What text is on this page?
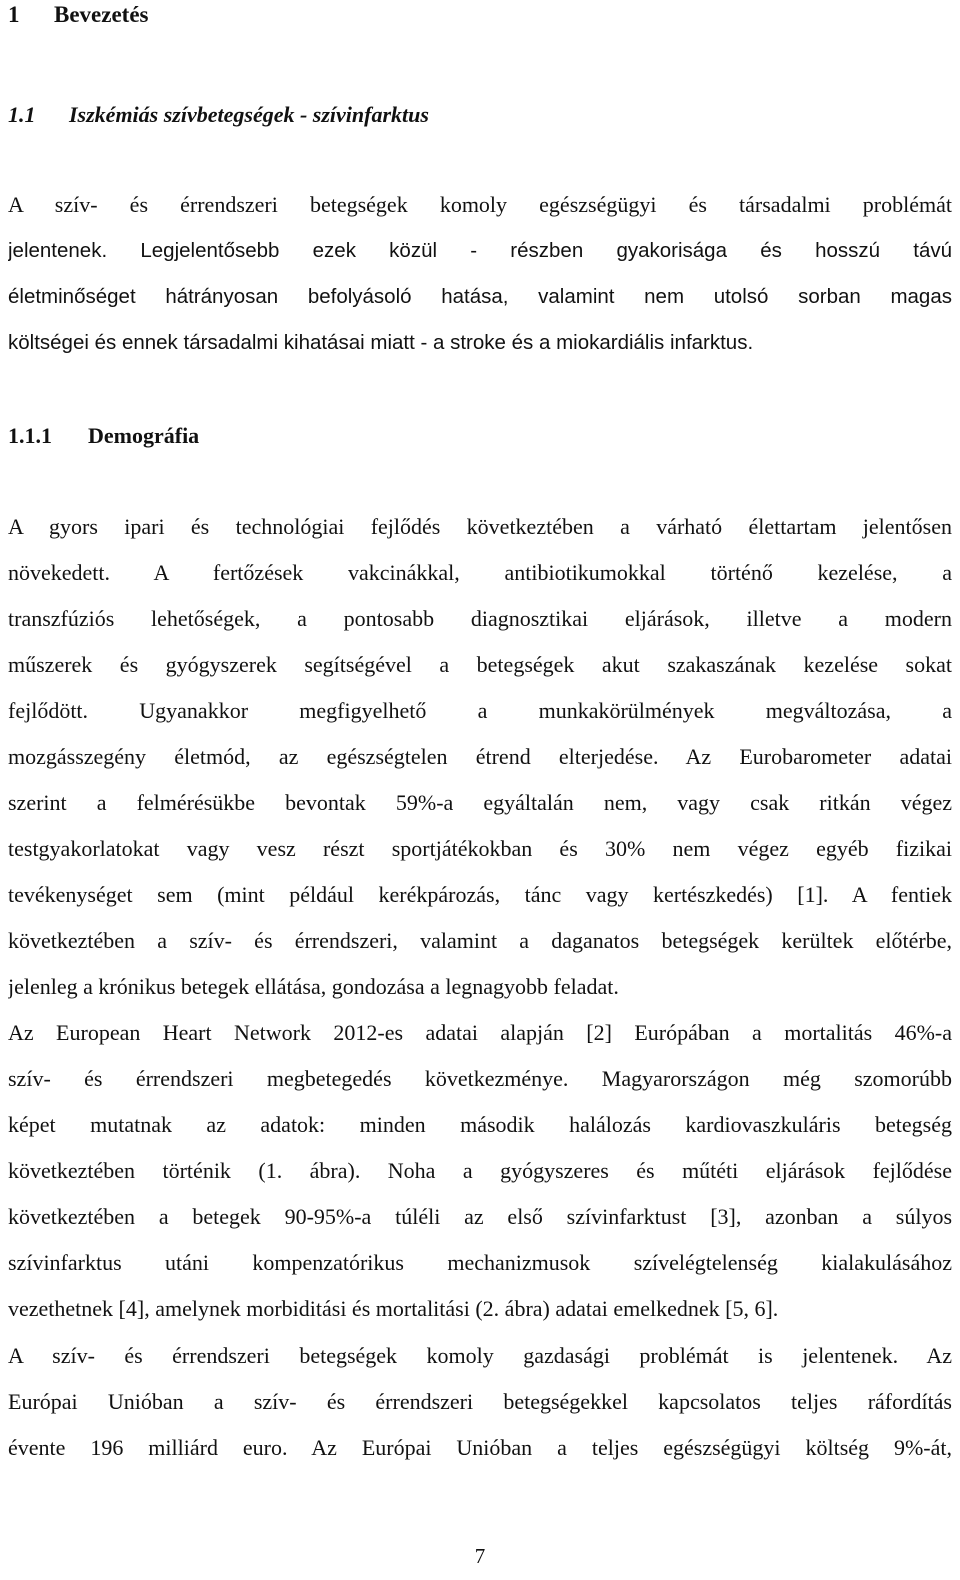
1 Bevezetés
1.1 Iszkémiás szívbetegségek - szívinfarktus
A szív- és érrendszeri betegségek komoly egészségügyi és társadalmi problémát
jelentenek. Legjelentősebb ezek közül - részben gyakorisága és hosszú távú
életminőséget hátrányosan befolyásoló hatása, valamint nem utolsó sorban magas
költségei és ennek társadalmi kihatásai miatt - a stroke és a miokardiális infarktus.
1.1.1 Demográfia
A gyors ipari és technológiai fejlődés következtében a várható élettartam jelentősen
növekedett. A fertőzések vakcinákkal, antibiotikumokkal történő kezelése, a
transzfúziós lehetőségek, a pontosabb diagnosztikai eljárások, illetve a modern
műszerek és gyógyszerek segítségével a betegségek akut szakaszának kezelése sokat
fejlődött. Ugyanakkor megfigyelhető a munkakörülmények megváltozása, a
mozgásszegény életmód, az egészségtelen étrend elterjedése. Az Eurobarometer adatai
szerint a felmérésükbe bevontak 59%-a egyáltalán nem, vagy csak ritkán végez
testgyakorlatokat vagy vesz részt sportjátékokban és 30% nem végez egyéb fizikai
tevékenységet sem (mint például kerékpározás, tánc vagy kertészkedés) [1]. A fentiek
következtében a szív- és érrendszeri, valamint a daganatos betegségek kerültek előtérbe,
jelenleg a krónikus betegek ellátása, gondozása a legnagyobb feladat.
Az European Heart Network 2012-es adatai alapján [2] Európában a mortalitás 46%-a
szív- és érrendszeri megbetegedés következménye. Magyarországon még szomorúbb
képet mutatnak az adatok: minden második halálozás kardiovaszkuláris betegség
következtében történik (1. ábra). Noha a gyógyszeres és műtéti eljárások fejlődése
következtében a betegek 90-95%-a túléli az első szívinfarktust [3], azonban a súlyos
szívinfarktus utáni kompenzatórikus mechanizmusok szívelégtelenség kialakulásához
vezethetnek [4], amelynek morbiditási és mortalitási (2. ábra) adatai emelkednek [5, 6].
A szív- és érrendszeri betegségek komoly gazdasági problémát is jelentenek. Az
Európai Unióban a szív- és érrendszeri betegségekkel kapcsolatos teljes ráfordítás
évente 196 milliárd euro. Az Európai Unióban a teljes egészségügyi költség 9%-át,
7
